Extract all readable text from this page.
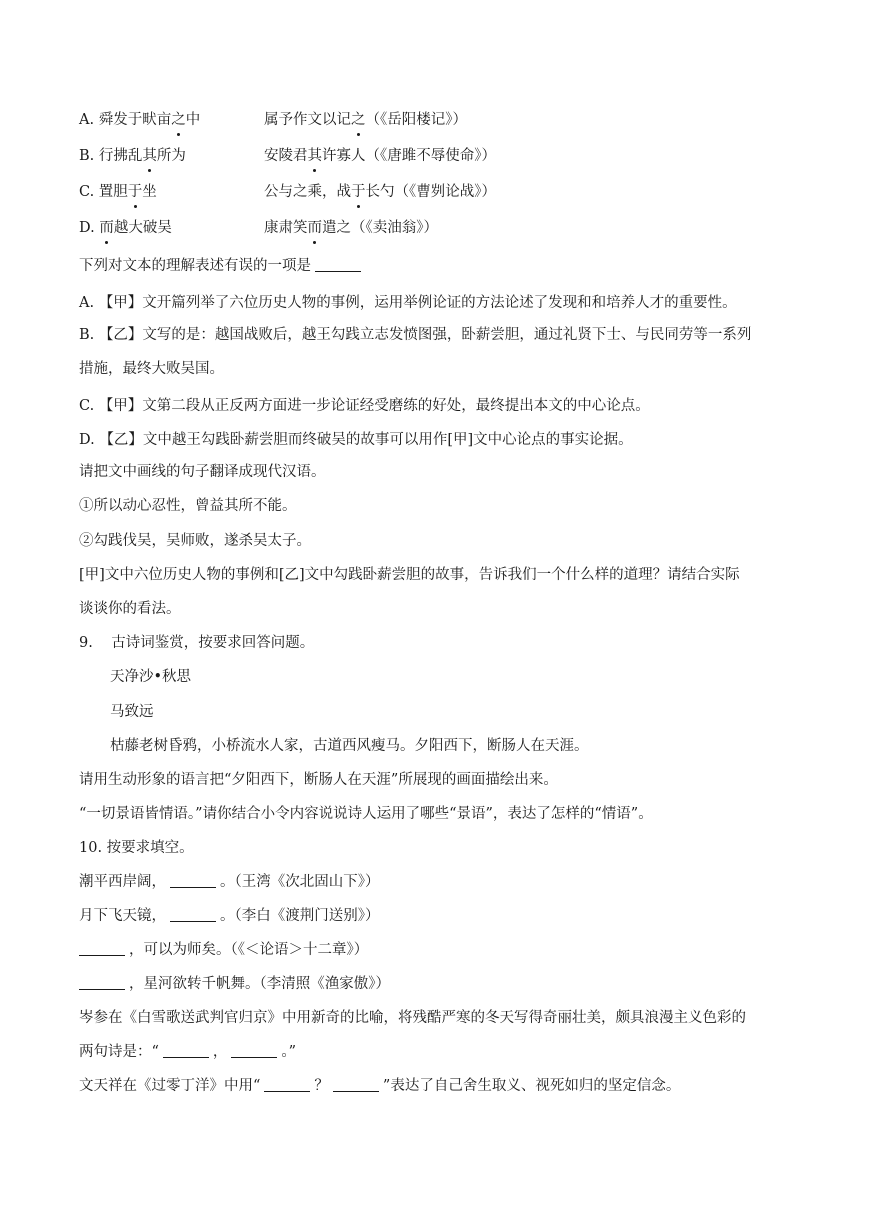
A. 舜发于畎亩之中	属予作文以记之（《岳阳楼记》）
B. 行拂乱其所为	安陵君其许寡人（《唐雎不辱使命》）
C. 置胆于坐	公与之乘，战于长勺（《曹刿论战》）
D. 而越大破吴	康肃笑而遣之（《卖油翁》）
下列对文本的理解表述有误的一项是
A. 【甲】文开篇列举了六位历史人物的事例，运用举例论证的方法论述了发现和和培养人才的重要性。
B. 【乙】文写的是：越国战败后，越王勾践立志发愤图强，卧薪尝胆，通过礼贤下士、与民同劳等一系列
措施，最终大败吴国。
C. 【甲】文第二段从正反两方面进一步论证经受磨练的好处，最终提出本文的中心论点。
D. 【乙】文中越王勾践卧薪尝胆而终破吴的故事可以用作[甲]文中心论点的事实论据。
请把文中画线的句子翻译成现代汉语。
①所以动心忍性，曾益其所不能。
②勾践伐吴，吴师败，遂杀吴太子。
[甲]文中六位历史人物的事例和[乙]文中勾践卧薪尝胆的故事，告诉我们一个什么样的道理？请结合实际
谈谈你的看法。
9. 古诗词鉴赏，按要求回答问题。
天净沙•秋思
马致远
枯藤老树昏鸦，小桥流水人家，古道西风瘦马。夕阳西下，断肠人在天涯。
请用生动形象的语言把“夕阳西下，断肠人在天涯”所展现的画面描绘出来。
“一切景语皆情语。”请你结合小令内容说说诗人运用了哪些“景语”，表达了怎样的“情语”。
10. 按要求填空。
潮平西岸阔，	。（王湾《次北固山下》）
月下飞天镜，	。（李白《渡荆门送别》）
，可以为师矣。（《＜论语＞十二章》）
，星河欲转千帆舞。（李清照《渔家傲》）
岑参在《白雪歌送武判官归京》中用新奇的比喻，将残酷严寒的冬天写得奇丽壮美，颇具浪漫主义色彩的
两句诗是：“	，	。”
文天祥在《过零丁洋》中用“	？	”表达了自己舍生取义、视死如归的坚定信念。
